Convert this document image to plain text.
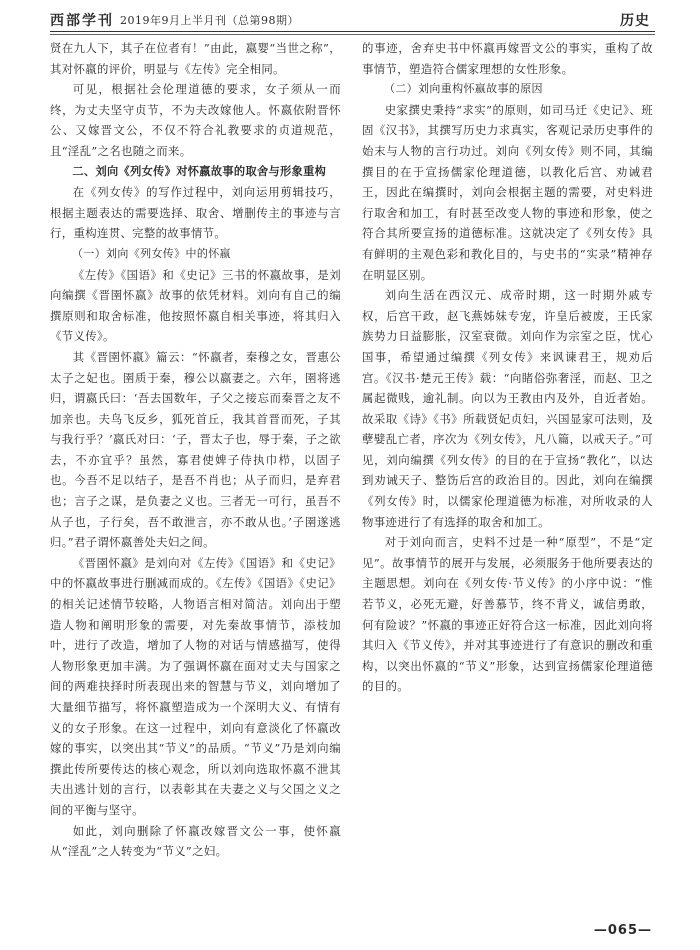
西部学刊 2019年9月上半月刊（总第98期）	历史

贤在九人下，其子在位者有！”由此，嬴婴“当世之称”，其对怀嬴的评价，明显与《左传》完全相同。

可见，根据社会伦理道德的要求，女子须从一而终，为丈夫坚守贞节，不为夫改嫁他人。怀嬴依附晋怀公、又嫁晋文公，不仅不符合礼教要求的贞道规范，且“淫乱”之名也随之而来。

二、刘向《列女传》对怀嬴故事的取舍与形象重构

在《列女传》的写作过程中，刘向运用剪辑技巧，根据主题表达的需要选择、取舍、增删传主的事迹与言行，重构连贯、完整的故事情节。

（一）刘向《列女传》中的怀嬴

《左传》《国语》和《史记》三书的怀嬴故事，是刘向编撰《晋圉怀嬴》故事的依凭材料。刘向有自己的编撰原则和取舍标准，他按照怀嬴自相关事迹，将其归入《节义传》。

其《晋圉怀嬴》篇云：“怀嬴者，秦穆之女，晋惠公太子之妃也。圉质于秦，穆公以嬴妻之。六年，圉将逃归，谓嬴氏曰：‘吾去国数年，子父之接忘而秦晋之友不加亲也。夫鸟飞反乡，狐死首丘，我其首晋而死，子其与我行乎？’嬴氏对曰：‘子，晋太子也，辱于秦，子之欲去，不亦宜乎？虽然，寡君使婢子侍执巾栉，以固子也。今吾不足以结子，是吾不肖也；从子而归，是弃君也；言子之谋，是负妻之义也。三者无一可行，虽吾不从子也，子行矣，吾不敢泄言，亦不敢从也。’子圉遂逃归。”君子谓怀嬴善处夫妇之间。

《晋圉怀嬴》是刘向对《左传》《国语》和《史记》中的怀嬴故事进行删减而成的。《左传》《国语》《史记》的相关记述情节较略，人物语言相对简洁。刘向出于塑造人物和阐明形象的需要，对先秦故事情节，添枝加叶，进行了改造，增加了人物的对话与情感描写，使得人物形象更加丰满。为了强调怀嬴在面对丈夫与国家之间的两难抉择时所表现出来的智慧与节义，刘向增加了大量细节描写，将怀嬴塑造成为一个深明大义、有情有义的女子形象。在这一过程中，刘向有意淡化了怀嬴改嫁的事实，以突出其“节义”的品质。“节义”乃是刘向编撰此传所要传达的核心观念，所以刘向选取怀嬴不泄其夫出逃计划的言行，以表彰其在夫妻之义与父国之义之间的平衡与坚守。

如此，刘向删除了怀嬴改嫁晋文公一事，使怀嬴从“淫乱”之人转变为“节义”之妇。

的事迹，舍弃史书中怀嬴再嫁晋文公的事实，重构了故事情节，塑造符合儒家理想的女性形象。

（二）刘向重构怀嬴故事的原因

史家撰史秉持“求实”的原则，如司马迁《史记》、班固《汉书》，其撰写历史力求真实，客观记录历史事件的始末与人物的言行功过。刘向《列女传》则不同，其编撰目的在于宣扬儒家伦理道德，以教化后宫、劝诫君王，因此在编撰时，刘向会根据主题的需要，对史料进行取舍和加工，有时甚至改变人物的事迹和形象，使之符合其所要宣扬的道德标准。这就决定了《列女传》具有鲜明的主观色彩和教化目的，与史书的“实录”精神存在明显区别。

刘向生活在西汉元、成帝时期，这一时期外戚专权，后宫干政，赵飞燕姊妹专宠，许皇后被废，王氏家族势力日益膨胀，汉室衰微。刘向作为宗室之臣，忧心国事，希望通过编撰《列女传》来讽谏君王，规劝后宫。《汉书·楚元王传》载：“向睹俗弥奢淫，而赵、卫之属起微贱，逾礼制。向以为王教由内及外，自近者始。故采取《诗》《书》所载贤妃贞妇，兴国显家可法则，及孽嬖乱亡者，序次为《列女传》，凡八篇，以戒天子。”可见，刘向编撰《列女传》的目的在于宣扬“教化”，以达到劝诫天子、整饬后宫的政治目的。因此，刘向在编撰《列女传》时，以儒家伦理道德为标准，对所收录的人物事迹进行了有选择的取舍和加工。

对于刘向而言，史料不过是一种“原型”，不是“定见”。故事情节的展开与发展，必须服务于他所要表达的主题思想。刘向在《列女传·节义传》的小序中说：“惟若节义，必死无避，好善慕节，终不背义，诚信勇敢，何有险诐？”怀嬴的事迹正好符合这一标准，因此刘向将其归入《节义传》，并对其事迹进行了有意识的删改和重构，以突出怀嬴的“节义”形象，达到宣扬儒家伦理道德的目的。

—065—
